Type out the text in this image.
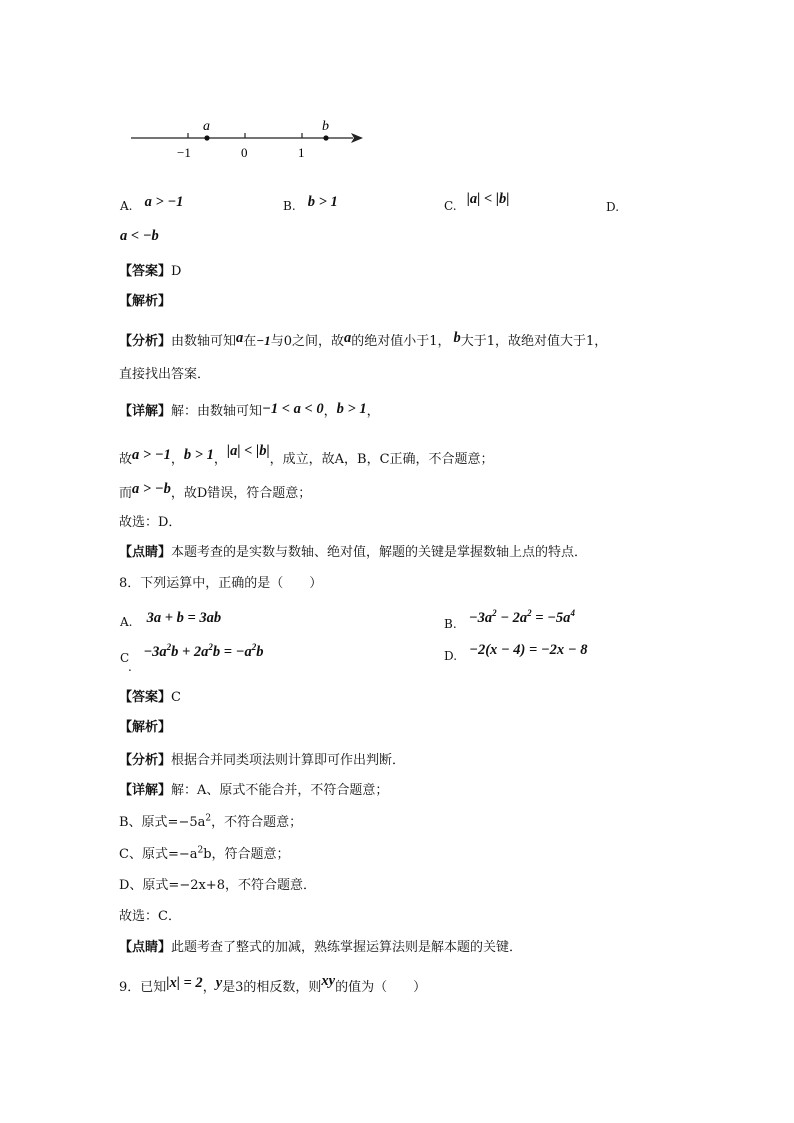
a	b
−1	0	1
A. a > −1	B. b > 1	C. |a| < |b|	D.
a < −b
【答案】D
【解析】
【分析】由数轴可知a在−1与0之间，故a的绝对值小于1， b大于1，故绝对值大于1，
直接找出答案．
【详解】解：由数轴可知−1 < a < 0，b > 1，
故a > −1，b > 1，|a| < |b|，成立，故A，B，C正确，不合题意；
而a > −b，故D错误，符合题意；
故选：D．
【点睛】本题考查的是实数与数轴、绝对值，解题的关键是掌握数轴上点的特点．
8．下列运算中，正确的是（　　）
A. 3a + b = 3ab	B. $-3a^2 - 2a^2 = -5a^4$
$C -3a^2b + 2a^2b = -a^2b$
.
D. −2(x − 4) = −2x − 8
【答案】C
【解析】
【分析】根据合并同类项法则计算即可作出判断．
【详解】解：A、原式不能合并，不符合题意；
B、原式$=-5a^2$，不符合题意；
C、原式$=-a^2b$，符合题意；
D、原式=−2x+8，不符合题意．
故选：C．
【点睛】此题考查了整式的加减，熟练掌握运算法则是解本题的关键．
9．已知|x| = 2，y是3的相反数，则xy的值为（　　）
